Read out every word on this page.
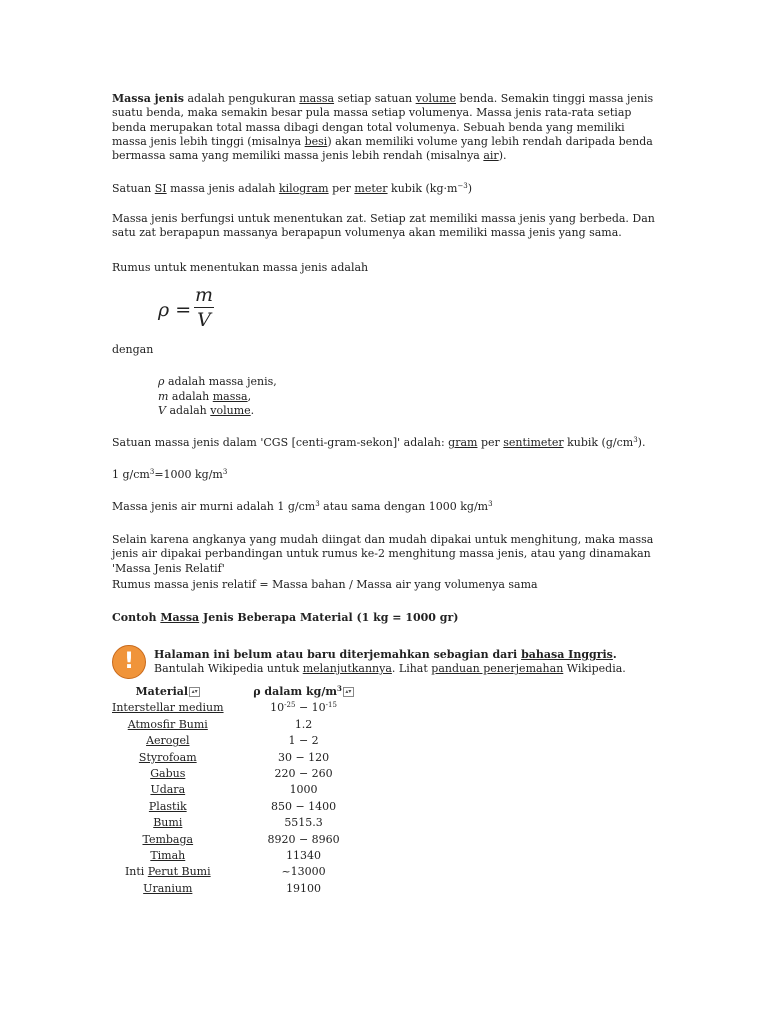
Massa jenis adalah pengukuran massa setiap satuan volume benda. Semakin tinggi massa jenis suatu benda, maka semakin besar pula massa setiap volumenya. Massa jenis rata-rata setiap benda merupakan total massa dibagi dengan total volumenya. Sebuah benda yang memiliki massa jenis lebih tinggi (misalnya besi) akan memiliki volume yang lebih rendah daripada benda bermassa sama yang memiliki massa jenis lebih rendah (misalnya air).

Satuan SI massa jenis adalah kilogram per meter kubik $(kg\cdot m^{-3})$

Massa jenis berfungsi untuk menentukan zat. Setiap zat memiliki massa jenis yang berbeda. Dan satu zat berapapun massanya berapapun volumenya akan memiliki massa jenis yang sama.

Rumus untuk menentukan massa jenis adalah

ρ =
m
V

dengan

ρ adalah massa jenis,

m adalah massa,

V adalah volume.

Satuan massa jenis dalam 'CGS [centi-gram-sekon]' adalah: gram per sentimeter kubik $(g/cm^3)$.

1 $g/cm^3=1000$ $kg/m^3$

Massa jenis air murni adalah 1 $g/cm^3$ atau sama dengan 1000 $kg/m^3$

Selain karena angkanya yang mudah diingat dan mudah dipakai untuk menghitung, maka massa jenis air dipakai perbandingan untuk rumus ke-2 menghitung massa jenis, atau yang dinamakan 'Massa Jenis Relatif'

Rumus massa jenis relatif = Massa bahan / Massa air yang volumenya sama

Contoh Massa Jenis Beberapa Material (1 kg = 1000 gr)

!	Halaman ini belum atau baru diterjemahkan sebagian dari bahasa Inggris.

Bantulah Wikipedia untuk melanjutkannya. Lihat panduan penerjemahan Wikipedia.

Material ▴▾	ρ dalam $kg/m^3$ ▴▾
Interstellar medium	$10^{-25} - 10^{-15}$
Atmosfir Bumi	1.2
Aerogel	1 − 2
Styrofoam	30 − 120
Gabus	220 − 260
Udara	1000
Plastik	850 − 1400
Bumi	5515.3
Tembaga	8920 − 8960
Timah	11340
Inti Perut Bumi	~13000
Uranium	19100
